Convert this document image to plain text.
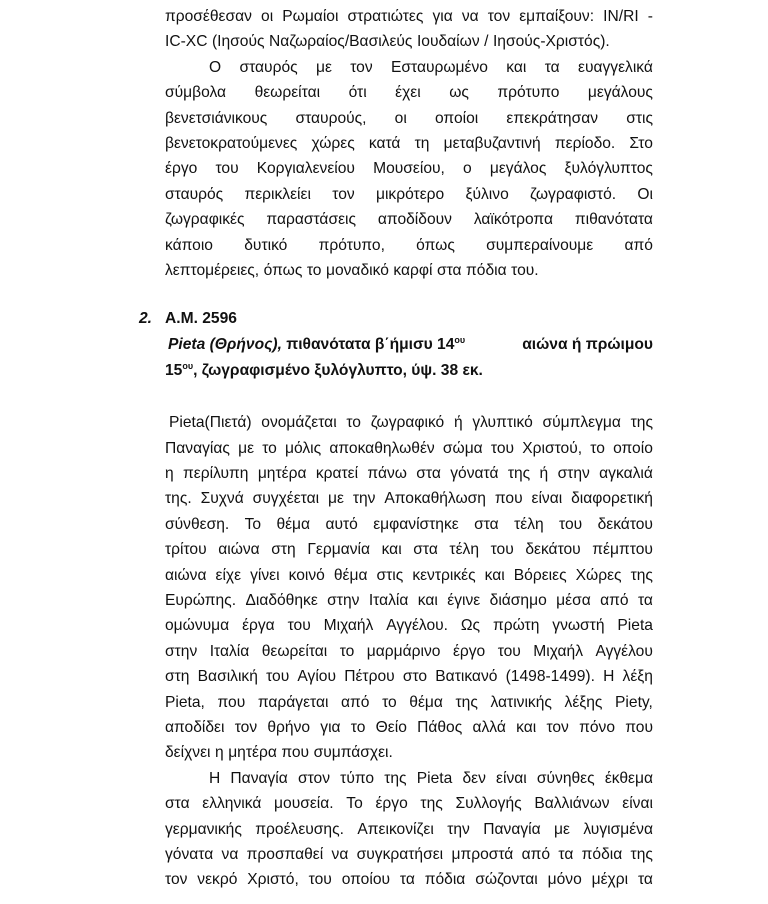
προσέθεσαν οι Ρωμαίοι στρατιώτες για να τον εμπαίξουν: IN/RI -
IC-XC (Ιησούς Ναζωραίος/Βασιλεύς Ιουδαίων / Ιησούς-Χριστός).
Ο σταυρός με τον Εσταυρωμένο και τα ευαγγελικά
σύμβολα θεωρείται ότι έχει ως πρότυπο μεγάλους
βενετσιάνικους σταυρούς, οι οποίοι επεκράτησαν στις
βενετοκρατούμενες χώρες κατά τη μεταβυζαντινή περίοδο. Στο
έργο του Κοργιαλενείου Μουσείου, ο μεγάλος ξυλόγλυπτος
σταυρός περικλείει τον μικρότερο ξύλινο ζωγραφιστό. Οι
ζωγραφικές παραστάσεις αποδίδουν λαϊκότροπα πιθανότατα
κάποιο δυτικό πρότυπο, όπως συμπεραίνουμε από
λεπτομέρειες, όπως το μοναδικό καρφί στα πόδια του.
2. Α.Μ. 2596
Pieta (Θρήνος), πιθανότατα β΄ήμισυ $14^{o\upsilon}$	αιώνα ή πρώιμου
$15^{o\upsilon}$, ζωγραφισμένο ξυλόγλυπτο, ύψ. 38 εκ.
Pieta(Πιετά) ονομάζεται το ζωγραφικό ή γλυπτικό σύμπλεγμα της
Παναγίας με το μόλις αποκαθηλωθέν σώμα του Χριστού, το οποίο
η περίλυπη μητέρα κρατεί πάνω στα γόνατά της ή στην αγκαλιά
της. Συχνά συγχέεται με την Αποκαθήλωση που είναι διαφορετική
σύνθεση. Το θέμα αυτό εμφανίστηκε στα τέλη του δεκάτου
τρίτου αιώνα στη Γερμανία και στα τέλη του δεκάτου πέμπτου
αιώνα είχε γίνει κοινό θέμα στις κεντρικές και Βόρειες Χώρες της
Ευρώπης. Διαδόθηκε στην Ιταλία και έγινε διάσημο μέσα από τα
ομώνυμα έργα του Μιχαήλ Αγγέλου. Ως πρώτη γνωστή Pieta
στην Ιταλία θεωρείται το μαρμάρινο έργο του Μιχαήλ Αγγέλου
στη Βασιλική του Αγίου Πέτρου στο Βατικανό (1498-1499). Η λέξη
Pieta, που παράγεται από το θέμα της λατινικής λέξης Piety,
αποδίδει τον θρήνο για το Θείο Πάθος αλλά και τον πόνο που
δείχνει η μητέρα που συμπάσχει.
Η Παναγία στον τύπο της Pieta δεν είναι σύνηθες έκθεμα
στα ελληνικά μουσεία. Το έργο της Συλλογής Βαλλιάνων είναι
γερμανικής προέλευσης. Απεικονίζει την Παναγία με λυγισμένα
γόνατα να προσπαθεί να συγκρατήσει μπροστά από τα πόδια της
τον νεκρό Χριστό, του οποίου τα πόδια σώζονται μόνο μέχρι τα
